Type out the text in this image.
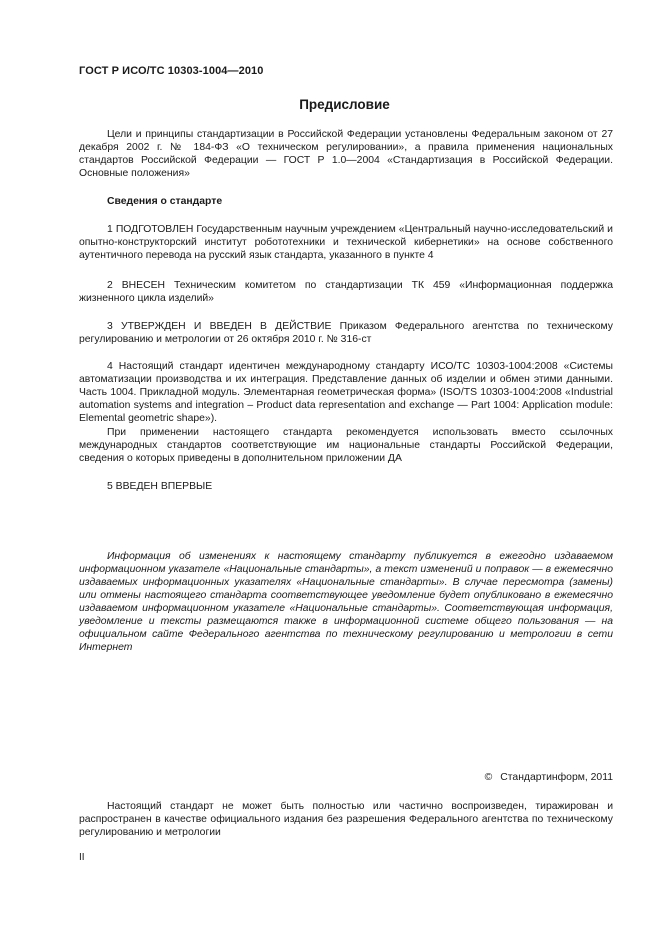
ГОСТ Р ИСО/ТС 10303-1004—2010
Предисловие
Цели и принципы стандартизации в Российской Федерации установлены Федеральным законом от 27 декабря 2002 г. № 184-ФЗ «О техническом регулировании», а правила применения национальных стандартов Российской Федерации — ГОСТ Р 1.0—2004 «Стандартизация в Российской Федерации. Основные положения»
Сведения о стандарте
1 ПОДГОТОВЛЕН Государственным научным учреждением «Центральный научно-исследовательский и опытно-конструкторский институт робототехники и технической кибернетики» на основе собственного аутентичного перевода на русский язык стандарта, указанного в пункте 4
2 ВНЕСЕН Техническим комитетом по стандартизации ТК 459 «Информационная поддержка жизненного цикла изделий»
3 УТВЕРЖДЕН И ВВЕДЕН В ДЕЙСТВИЕ Приказом Федерального агентства по техническому регулированию и метрологии от 26 октября 2010 г. № 316-ст
4 Настоящий стандарт идентичен международному стандарту ИСО/ТС 10303-1004:2008 «Системы автоматизации производства и их интеграция. Представление данных об изделии и обмен этими данными. Часть 1004. Прикладной модуль. Элементарная геометрическая форма» (ISO/TS 10303-1004:2008 «Industrial automation systems and integration – Product data representation and exchange — Part 1004: Application module: Elemental geometric shape»).
При применении настоящего стандарта рекомендуется использовать вместо ссылочных международных стандартов соответствующие им национальные стандарты Российской Федерации, сведения о которых приведены в дополнительном приложении ДА
5 ВВЕДЕН ВПЕРВЫЕ
Информация об изменениях к настоящему стандарту публикуется в ежегодно издаваемом информационном указателе «Национальные стандарты», а текст изменений и поправок — в ежемесячно издаваемых информационных указателях «Национальные стандарты». В случае пересмотра (замены) или отмены настоящего стандарта соответствующее уведомление будет опубликовано в ежемесячно издаваемом информационном указателе «Национальные стандарты». Соответствующая информация, уведомление и тексты размещаются также в информационной системе общего пользования — на официальном сайте Федерального агентства по техническому регулированию и метрологии в сети Интернет
© Стандартинформ, 2011
Настоящий стандарт не может быть полностью или частично воспроизведен, тиражирован и распространен в качестве официального издания без разрешения Федерального агентства по техническому регулированию и метрологии
II
